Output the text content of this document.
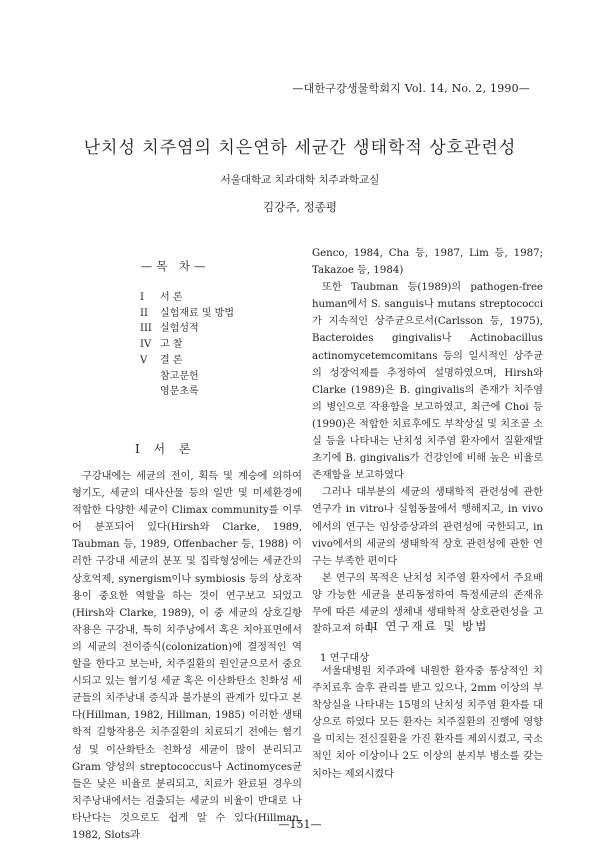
—대한구강생물학회지 Vol. 14, No. 2, 1990—
난치성 치주염의 치은연하 세균간 생태학적 상호관련성
서울대학교 치과대학 치주과학교실
김강주, 정종평
—목 차—
I 서 론
II 실험재료 및 방법
III 실험성적
IV 고 찰
V 결 론
참고문헌
영문초록
I 서 론

구강내에는 세균의 전이, 획득 및 계승에 의하여 형기도, 세균의 대사산물 등의 일반 및 미세환경에 적합한 다양한 세균이 Climax community를 이루어 분포되어 있다(Hirsh와 Clarke, 1989, Taubman 등, 1989, Offenbacher 등, 1988) 이러한 구강내 세균의 분포 및 집락형성에는 세균간의 상호억제, synergism이나 symbiosis 등의 상호작용이 중요한 역할을 하는 것이 연구보고 되었고(Hirsh와 Clarke, 1989), 이 중 세균의 상호길항작용은 구강내, 특히 치주낭에서 혹은 치아표면에서의 세균의 전이증식(colonization)에 결정적인 역할을 한다고 보는바, 치주질환의 원인균으로서 중요시되고 있는 혐기성 세균 혹은 이산화탄소 친화성 세균들의 치주낭내 증식과 불가분의 관계가 있다고 본다(Hillman, 1982, Hillman, 1985) 이러한 생태학적 길항작용은 치주질환의 치료되기 전에는 혐기성 및 이산화탄소 친화성 세균이 많이 분리되고 Gram 양성의 streptococcus나 Actinomyces균들은 낮은 비율로 분리되고, 치료가 완료된 경우의 치주낭내에서는 검출되는 세균의 비율이 반대로 나타난다는 것으로도 쉽게 알 수 있다(Hillman, 1982, Slots과

Genco, 1984, Cha 등, 1987, Lim 등, 1987; Takazoe 등, 1984)

또한 Taubman 등(1989)의 pathogen-free human에서 S. sanguis나 mutans streptococci가 지속적인 상주균으로서(Carlsson 등, 1975), Bacteroides gingivalis나 Actinobacillus actinomycetemcomitans 등의 일시적인 상주균의 성장억제를 추정하여 설명하였으며, Hirsh와 Clarke (1989)은 B. gingivalis의 존재가 치주염의 병인으로 작용함을 보고하였고, 최근에 Choi 등(1990)은 적합한 치료후에도 부착상실 및 치조골 소실 등을 나타내는 난치성 치주염 환자에서 질환재발 초기에 B. gingivalis가 건강인에 비해 높은 비율로 존재함을 보고하였다

그러나 대부분의 세균의 생태학적 관련성에 관한 연구가 in vitro나 실험동물에서 행해지고, in vivo에서의 연구는 임상증상과의 관련성에 국한되고, in vivo에서의 세균의 생태학적 상호 관련성에 관한 연구는 부족한 편이다

본 연구의 목적은 난치성 치주염 환자에서 주요배양 가능한 세균을 분리동정하여 특정세균의 존재유무에 따른 세균의 생체내 생태학적 상호관련성을 고찰하고져 하다

II 연구재료 및 방법
1 연구대상

서울대병원 치주과에 내원한 환자중 통상적인 치주치료후 술후 관리를 받고 있으나, 2mm 이상의 부착상실을 나타내는 15명의 난치성 치주염 환자를 대상으로 하였다 모든 환자는 치주질환의 진행에 영향을 미치는 전신질환을 가진 환자를 제외시켰고, 국소적인 치아 이상이나 2도 이상의 분지부 병소를 갖는 치아는 제외시켰다

—151—
